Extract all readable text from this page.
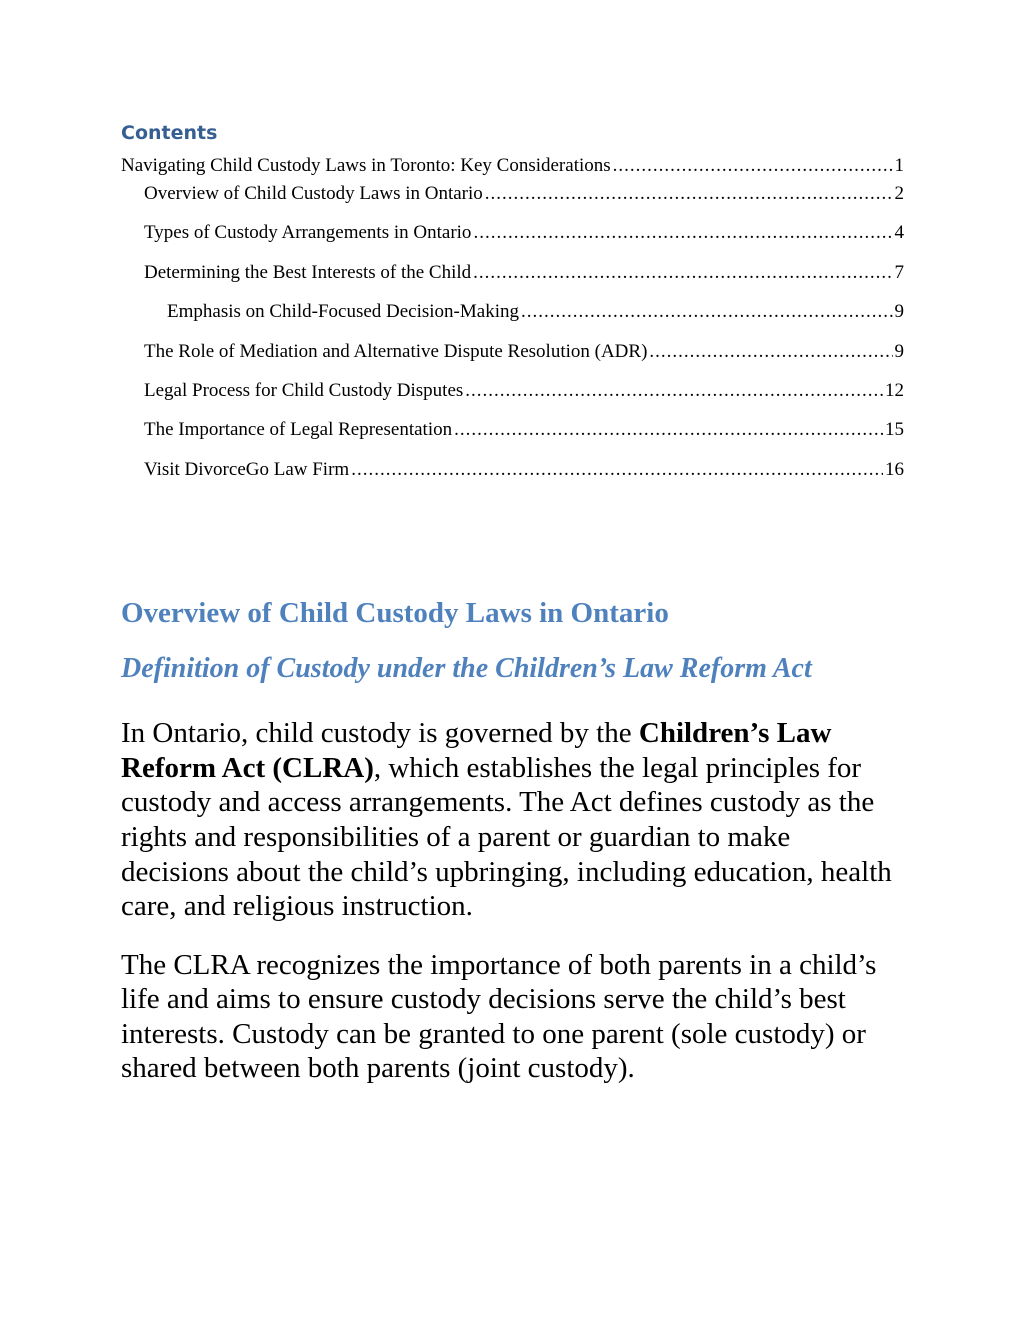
Contents
Navigating Child Custody Laws in Toronto: Key Considerations .....	1
Overview of Child Custody Laws in Ontario .....	2
Types of Custody Arrangements in Ontario .....	4
Determining the Best Interests of the Child .....	7
Emphasis on Child-Focused Decision-Making .....	9
The Role of Mediation and Alternative Dispute Resolution (ADR) .....	9
Legal Process for Child Custody Disputes .....	12
The Importance of Legal Representation .....	15
Visit DivorceGo Law Firm .....	16
Overview of Child Custody Laws in Ontario
Definition of Custody under the Children’s Law Reform Act

In Ontario, child custody is governed by the Children’s Law Reform Act (CLRA), which establishes the legal principles for custody and access arrangements. The Act defines custody as the rights and responsibilities of a parent or guardian to make decisions about the child’s upbringing, including education, health care, and religious instruction.

The CLRA recognizes the importance of both parents in a child’s life and aims to ensure custody decisions serve the child’s best interests. Custody can be granted to one parent (sole custody) or shared between both parents (joint custody).
